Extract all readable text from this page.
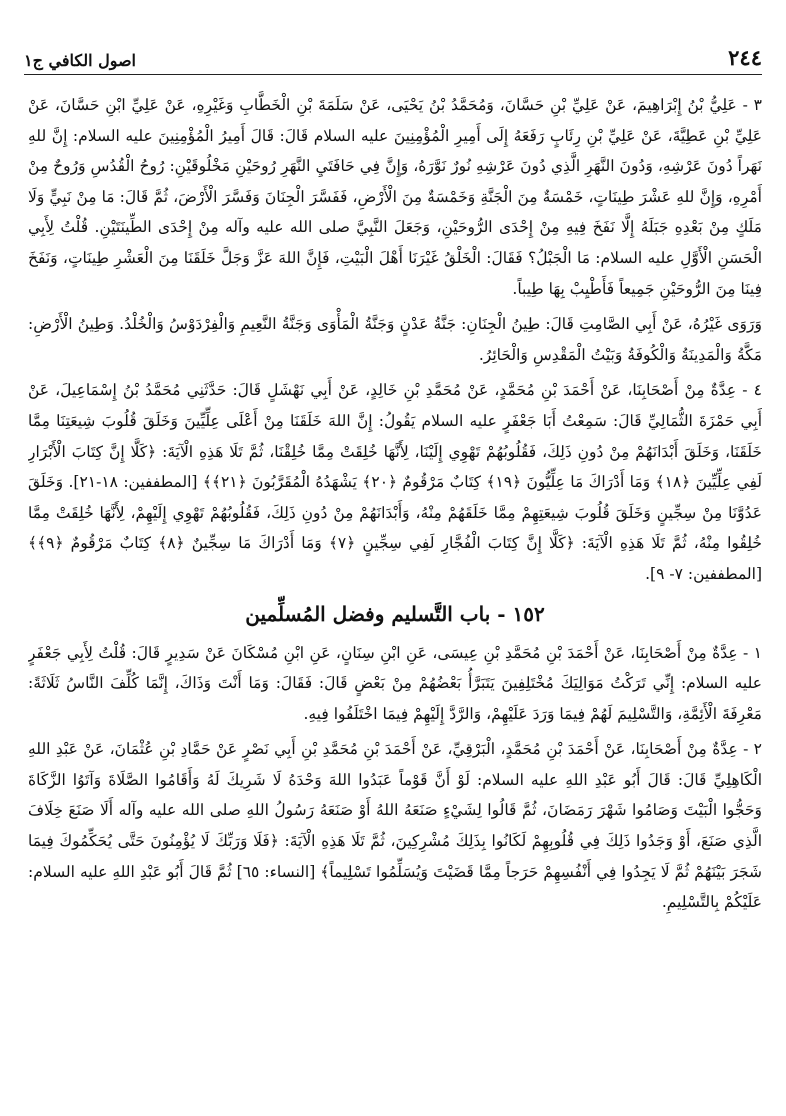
٢٤٤
اصول الكافي ج١

٣ - عَلِيُّ بْنُ إِبْرَاهِيمَ، عَنْ عَلِيِّ بْنِ حَسَّانَ، وَمُحَمَّدُ بْنُ يَحْيَى، عَنْ سَلَمَةَ بْنِ الْخَطَّابِ وَغَيْرِهِ، عَنْ عَلِيِّ ابْنِ حَسَّانَ، عَنْ عَلِيِّ بْنِ عَطِيَّةَ، عَنْ عَلِيِّ بْنِ رِئَابٍ رَفَعَهُ إِلَى أَمِيرِ الْمُؤْمِنِينَ عليه السلام قَالَ: قَالَ أَمِيرُ الْمُؤْمِنِينَ عليه السلام: إِنَّ للهِ نَهَراً دُونَ عَرْشِهِ، وَدُونَ النَّهَرِ الَّذِي دُونَ عَرْشِهِ نُورٌ نَوَّرَهُ، وَإِنَّ فِي حَافَتَيِ النَّهَرِ رُوحَيْنِ مَخْلُوقَيْنِ: رُوحُ الْقُدُسِ وَرُوحٌ مِنْ أَمْرِهِ، وَإِنَّ للهِ عَشْرَ طِينَاتٍ، خَمْسَةٌ مِنَ الْجَنَّةِ وَخَمْسَةٌ مِنَ الْأَرْضِ، فَفَسَّرَ الْجِنَانَ وَفَسَّرَ الْأَرْضَ، ثُمَّ قَالَ: مَا مِنْ نَبِيٍّ وَلَا مَلَكٍ مِنْ بَعْدِهِ جَبَلَهُ إِلَّا نَفَخَ فِيهِ مِنْ إِحْدَى الرُّوحَيْنِ، وَجَعَلَ النَّبِيَّ صلى الله عليه وآله مِنْ إِحْدَى الطِّينَتَيْنِ. قُلْتُ لِأَبِي الْحَسَنِ الْأَوَّلِ عليه السلام: مَا الْجَبْلُ؟ فَقَالَ: الْخَلْقُ غَيْرَنَا أَهْلَ الْبَيْتِ، فَإِنَّ اللهَ عَزَّ وَجَلَّ خَلَقَنَا مِنَ الْعَشْرِ طِينَاتٍ، وَنَفَخَ فِينَا مِنَ الرُّوحَيْنِ جَمِيعاً فَأَطْيِبْ بِهَا طِيباً.

وَرَوَى غَيْرُهُ، عَنْ أَبِي الصَّامِتِ قَالَ: طِينُ الْجِنَانِ: جَنَّةُ عَدْنٍ وَجَنَّةُ الْمَأْوَى وَجَنَّةُ النَّعِيمِ وَالْفِرْدَوْسُ وَالْخُلْدُ. وَطِينُ الْأَرْضِ: مَكَّةُ وَالْمَدِينَةُ وَالْكُوفَةُ وَبَيْتُ الْمَقْدِسِ وَالْحَائِرُ.

٤ - عِدَّةٌ مِنْ أَصْحَابِنَا، عَنْ أَحْمَدَ بْنِ مُحَمَّدٍ، عَنْ مُحَمَّدِ بْنِ خَالِدٍ، عَنْ أَبِي نَهْشَلٍ قَالَ: حَدَّثَنِي مُحَمَّدُ بْنُ إِسْمَاعِيلَ، عَنْ أَبِي حَمْزَةَ الثُّمَالِيِّ قَالَ: سَمِعْتُ أَبَا جَعْفَرٍ عليه السلام يَقُولُ: إِنَّ اللهَ خَلَقَنَا مِنْ أَعْلَى عِلِّيِّينَ وَخَلَقَ قُلُوبَ شِيعَتِنَا مِمَّا خَلَقَنَا، وَخَلَقَ أَبْدَانَهُمْ مِنْ دُونِ ذَلِكَ، فَقُلُوبُهُمْ تَهْوِي إِلَيْنَا، لِأَنَّهَا خُلِقَتْ مِمَّا خُلِقْنَا، ثُمَّ تَلَا هَذِهِ الْآيَةَ: ﴿كَلَّا إِنَّ كِتَابَ الْأَبْرَارِ لَفِي عِلِّيِّينَ ﴿١٨﴾ وَمَا أَدْرَاكَ مَا عِلِّيُّونَ ﴿١٩﴾ كِتَابٌ مَرْقُومٌ ﴿٢٠﴾ يَشْهَدُهُ الْمُقَرَّبُونَ ﴿٢١﴾﴾ [المطففين: ١٨-٢١]. وَخَلَقَ عَدُوَّنَا مِنْ سِجِّينٍ وَخَلَقَ قُلُوبَ شِيعَتِهِمْ مِمَّا خَلَقَهُمْ مِنْهُ، وَأَبْدَانَهُمْ مِنْ دُونِ ذَلِكَ، فَقُلُوبُهُمْ تَهْوِي إِلَيْهِمْ، لِأَنَّهَا خُلِقَتْ مِمَّا خُلِقُوا مِنْهُ، ثُمَّ تَلَا هَذِهِ الْآيَةَ: ﴿كَلَّا إِنَّ كِتَابَ الْفُجَّارِ لَفِي سِجِّينٍ ﴿٧﴾ وَمَا أَدْرَاكَ مَا سِجِّينٌ ﴿٨﴾ كِتَابٌ مَرْقُومٌ ﴿٩﴾﴾ [المطففين: ٧- ٩].

١٥٢ - باب التَّسليم وفضل المُسلِّمين

١ - عِدَّةٌ مِنْ أَصْحَابِنَا، عَنْ أَحْمَدَ بْنِ مُحَمَّدِ بْنِ عِيسَى، عَنِ ابْنِ سِنَانٍ، عَنِ ابْنِ مُسْكَانَ عَنْ سَدِيرٍ قَالَ: قُلْتُ لِأَبِي جَعْفَرٍ عليه السلام: إِنِّي تَرَكْتُ مَوَالِيَكَ مُخْتَلِفِينَ يَتَبَرَّأُ بَعْضُهُمْ مِنْ بَعْضٍ قَالَ: فَقَالَ: وَمَا أَنْتَ وَذَاكَ، إِنَّمَا كُلِّفَ النَّاسُ ثَلَاثَةً: مَعْرِفَةَ الْأَئِمَّةِ، وَالتَّسْلِيمَ لَهُمْ فِيمَا وَرَدَ عَلَيْهِمْ، وَالرَّدَّ إِلَيْهِمْ فِيمَا اخْتَلَفُوا فِيهِ.

٢ - عِدَّةٌ مِنْ أَصْحَابِنَا، عَنْ أَحْمَدَ بْنِ مُحَمَّدٍ، الْبَرْقِيِّ، عَنْ أَحْمَدَ بْنِ مُحَمَّدِ بْنِ أَبِي نَصْرٍ عَنْ حَمَّادِ بْنِ عُثْمَانَ، عَنْ عَبْدِ اللهِ الْكَاهِلِيِّ قَالَ: قَالَ أَبُو عَبْدِ اللهِ عليه السلام: لَوْ أَنَّ قَوْماً عَبَدُوا اللهَ وَحْدَهُ لَا شَرِيكَ لَهُ وَأَقَامُوا الصَّلَاةَ وَآتَوُا الزَّكَاةَ وَحَجُّوا الْبَيْتَ وَصَامُوا شَهْرَ رَمَضَانَ، ثُمَّ قَالُوا لِشَيْءٍ صَنَعَهُ اللهُ أَوْ صَنَعَهُ رَسُولُ اللهِ صلى الله عليه وآله أَلَا صَنَعَ خِلَافَ الَّذِي صَنَعَ، أَوْ وَجَدُوا ذَلِكَ فِي قُلُوبِهِمْ لَكَانُوا بِذَلِكَ مُشْرِكِينَ، ثُمَّ تَلَا هَذِهِ الْآيَةَ: ﴿فَلَا وَرَبِّكَ لَا يُؤْمِنُونَ حَتَّى يُحَكِّمُوكَ فِيمَا شَجَرَ بَيْنَهُمْ ثُمَّ لَا يَجِدُوا فِي أَنْفُسِهِمْ حَرَجاً مِمَّا قَضَيْتَ وَيُسَلِّمُوا تَسْلِيماً﴾ [النساء: ٦٥] ثُمَّ قَالَ أَبُو عَبْدِ اللهِ عليه السلام: عَلَيْكُمْ بِالتَّسْلِيمِ.
